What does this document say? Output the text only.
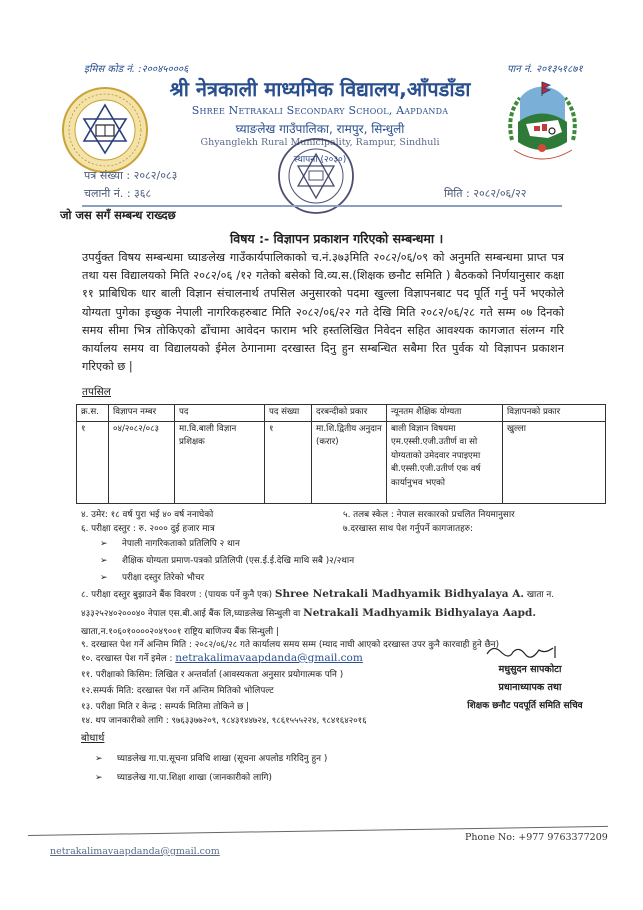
इमिस कोड नं. :२००४५०००६	पान नं. २०१३५१८७१
श्री नेत्रकाली माध्यमिक विद्यालय,आँपडाँडा
Shree Netrakali Secondary School, Aapdanda
घ्याङलेख गाउँपालिका, रामपुर, सिन्धुली
Ghyanglekh Rural Municipality, Rampur, Sindhuli
स्थापना (२०३०)
पत्र संख्या : २०८२/०८३
चलानी नं. : ३६८	मिति : २०८२/०६/२२
जो जस सगँ सम्बन्ध राख्दछ
विषय :- विज्ञापन प्रकाशन गरिएको सम्बन्धमा ।
उपर्युक्त विषय सम्बन्धमा घ्याङलेख गाउँकार्यपालिकाको च.नं.३७३मिति २०८२/०६/०९ को अनुमति सम्बन्धमा प्राप्त पत्र तथा यस विद्यालयको मिति २०८२/०६ /१२ गतेको बसेको वि.व्य.स.(शिक्षक छनौट समिति ) बैठकको निर्णयानुसार कक्षा ११ प्राबिधिक धार बाली विज्ञान संचालनार्थ तपसिल अनुसारको पदमा खुल्ला विज्ञापनबाट पद पूर्ति गर्नु पर्ने भएकोले योग्यता पुगेका इच्छुक नेपाली नागरिकहरुबाट मिति २०८२/०६/२२ गते देखि मिति २०८२/०६/२८ गते सम्म ०७ दिनको समय सीमा भित्र तोकिएको ढाँचामा आवेदन फाराम भरि हस्तलिखित निवेदन सहित आवश्यक कागजात संलग्न गरि कार्यालय समय वा विद्यालयको ईमेल ठेगानामा दरखास्त दिनु हुन सम्बन्धित सबैमा रित पुर्वक यो विज्ञापन प्रकाशन गरिएको छ |
तपसिल
क्र.स.	विज्ञापन नम्बर	पद	पद संख्या	दरबन्दीको प्रकार	न्यूनतम शैक्षिक योग्यता	विज्ञापनको प्रकार
१	०४/२०८२/०८३	मा.वि.बाली विज्ञान प्रशिक्षक	१	मा.शि.द्वितीय अनुदान (करार)	बाली विज्ञान विषयमा एम.एस्सी.एजी.उतीर्ण वा सो योग्यताको उमेदवार नपाइएमा बी.एस्सी.एजी.उतीर्ण एक वर्ष कार्यानुभव भएको	खुल्ला
४. उमेर: १८ वर्ष पुरा भई ४० वर्ष ननाघेको	५. तलब स्केल : नेपाल सरकारको प्रचलित नियमानुसार
६. परीक्षा दस्तुर : रु. २००० दुई हजार मात्र	७.दरखास्त साथ पेश गर्नुपर्ने कागजातहरु:
➢ नेपाली नागरिकताको प्रतिलिपि २ थान
➢ शैक्षिक योग्यता प्रमाण-पत्रको प्रतिलिपी (एस.ई.ई.देखि माथि सबै )२/२थान
➢ परीक्षा दस्तुर तिरेको भौचर
८. परीक्षा दस्तुर बुझाउने बैंक विवरण : (पायक पर्ने कुनै एक) Shree Netrakali Madhyamik Bidhyalaya A. खाता न. ४३३२५२४०२०००४० नेपाल एस.बी.आई बैंक लि,घ्याङलेख सिन्धुली वा Netrakali Madhyamik Bidhyalaya Aapd. खाता,न.१०६०१००००२०४९००१ राष्ट्रिय बाणिज्य बैंक सिन्धुली |
९. दरखास्त पेश गर्ने अन्तिम मिति : २०८२/०६/२८ गते कार्यालय समय सम्म (म्याद नाघी आएको दरखास्त उपर कुनै कारवाही हुने छैन)
१०. दरखास्त पेश गर्ने इमेल : netrakalimavaapdanda@gmail.com
११. परीक्षाको किसिम: लिखित र अन्तर्वार्ता (आवस्यकता अनुसार प्रयोगात्मक पनि )
१२.सम्पर्क मिति: दरखास्त पेश गर्ने अन्तिम मितिको भोलिपल्ट
१३. परीक्षा मिति र केन्द्र : सम्पर्क मितिमा तोकिने छ |
१४. थप जानकारीको लागि : ९७६३३७७२०९, ९८४३१४४७२४, ९८६१५५५२२४, ९८४१६४२०१६
मधुसुदन सापकोटा
प्रधानाध्यापक तथा
शिक्षक छनौट पदपूर्ति समिति सचिव
बोधार्थ
➢ घ्याङलेख गा.पा.सूचना प्रविधि शाखा (सूचना अपलोड गरिदिनु हुन )
➢ घ्याङलेख गा.पा.शिक्षा शाखा (जानकारीको लागि)
netrakalimavaapdanda@gmail.com
Phone No: +977 9763377209
